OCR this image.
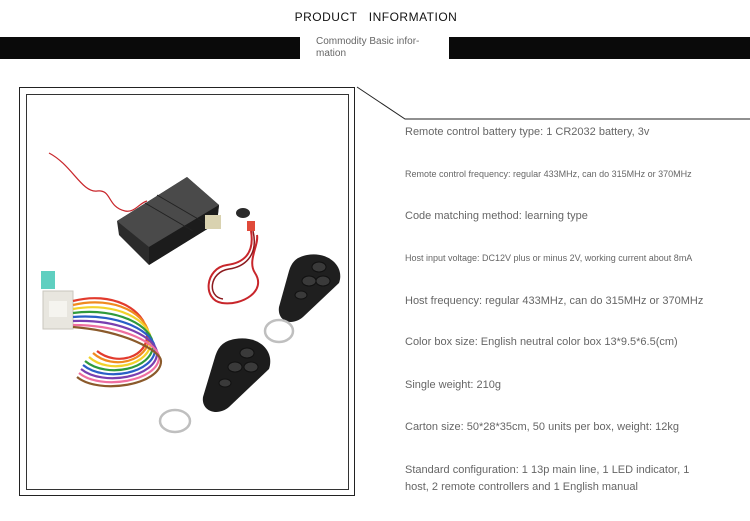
PRODUCT   INFORMATION
Commodity Basic infor-
mation
Remote control battery type: 1 CR2032 battery, 3v
Remote control frequency: regular 433MHz, can do 315MHz or 370MHz
Code matching method: learning type
Host input voltage: DC12V plus or minus 2V, working current about 8mA
Host frequency: regular 433MHz, can do 315MHz or 370MHz
Color box size: English neutral color box 13*9.5*6.5(cm)
Single weight: 210g
Carton size: 50*28*35cm, 50 units per box, weight: 12kg
Standard configuration: 1 13p main line, 1 LED indicator, 1 host, 2 remote controllers and 1 English manual
